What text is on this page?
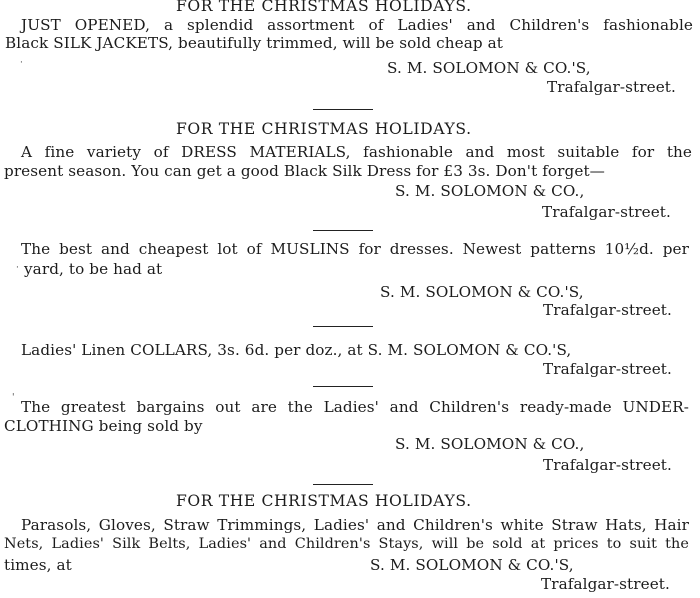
FOR THE CHRISTMAS HOLIDAYS.
JUST OPENED, a splendid assortment of Ladies' and Children's fashionable
Black SILK JACKETS, beautifully trimmed, will be sold cheap at
S. M. SOLOMON & CO.'S,
Trafalgar-street.
·
FOR THE CHRISTMAS HOLIDAYS.
A fine variety of DRESS MATERIALS, fashionable and most suitable for the
present season. You can get a good Black Silk Dress for £3 3s. Don't forget—
S. M. SOLOMON & CO.,
Trafalgar-street.
The best and cheapest lot of MUSLINS for dresses. Newest patterns 10½d. per
yard, to be had at
·
S. M. SOLOMON & CO.'S,
Trafalgar-street.
Ladies' Linen COLLARS, 3s. 6d. per doz., at S. M. SOLOMON & CO.'S,
Trafalgar-street.
' The greatest bargains out are the Ladies' and Children's ready-made UNDER-
CLOTHING being sold by
S. M. SOLOMON & CO.,
Trafalgar-street.
FOR THE CHRISTMAS HOLIDAYS.
Parasols, Gloves, Straw Trimmings, Ladies' and Children's white Straw Hats, Hair
Nets, Ladies' Silk Belts, Ladies' and Children's Stays, will be sold at prices to suit the
times, at	S. M. SOLOMON & CO.'S,
Trafalgar-street.
